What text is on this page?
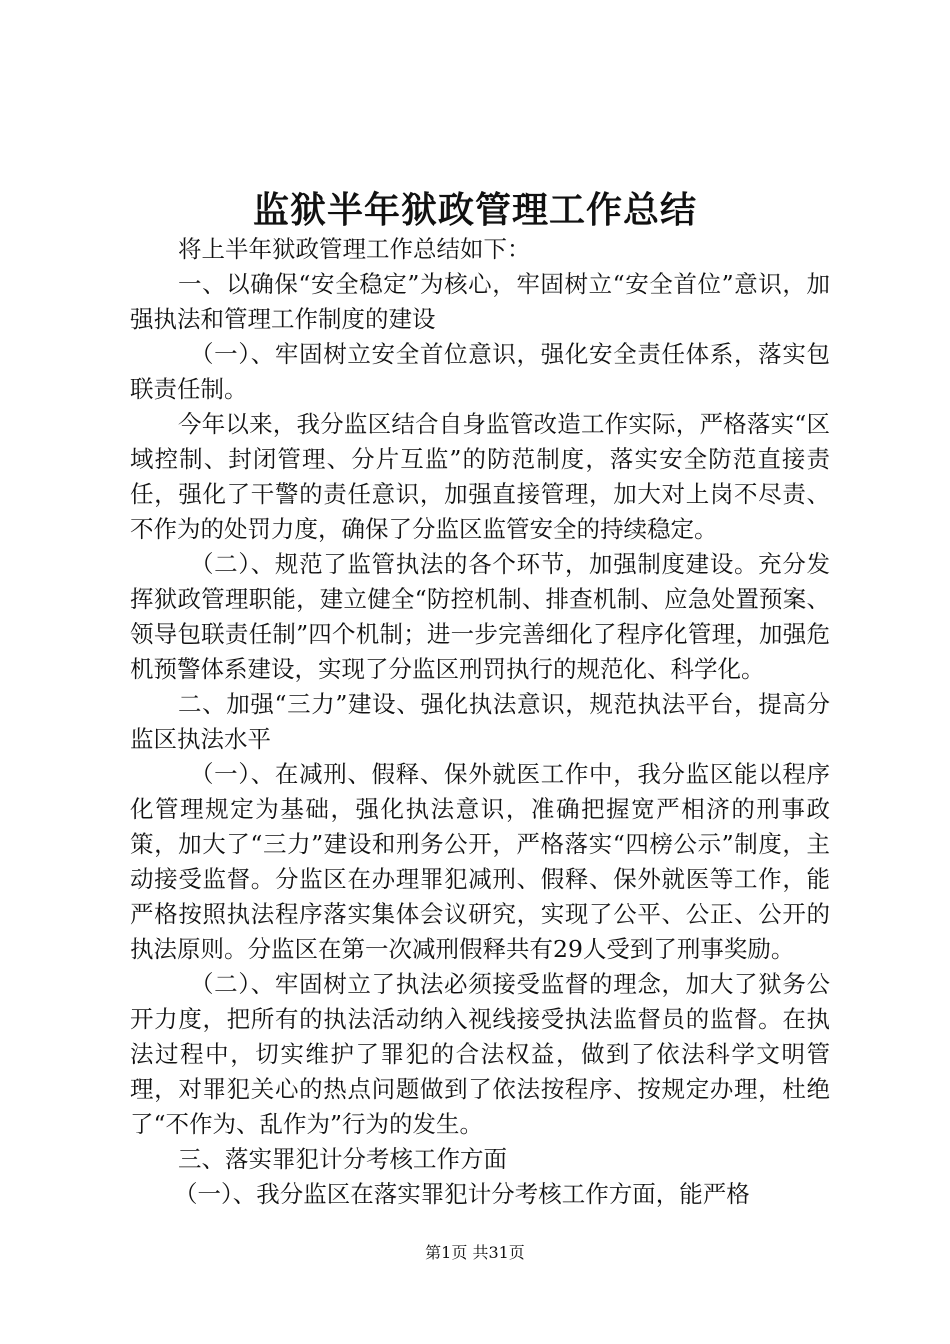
监狱半年狱政管理工作总结

将上半年狱政管理工作总结如下：

一、以确保“安全稳定”为核心，牢固树立“安全首位”意识，加强执法和管理工作制度的建设

（一）、牢固树立安全首位意识，强化安全责任体系，落实包联责任制。

今年以来，我分监区结合自身监管改造工作实际，严格落实“区域控制、封闭管理、分片互监”的防范制度，落实安全防范直接责任，强化了干警的责任意识，加强直接管理，加大对上岗不尽责、不作为的处罚力度，确保了分监区监管安全的持续稳定。

（二）、规范了监管执法的各个环节，加强制度建设。充分发挥狱政管理职能，建立健全“防控机制、排查机制、应急处置预案、领导包联责任制”四个机制；进一步完善细化了程序化管理，加强危机预警体系建设，实现了分监区刑罚执行的规范化、科学化。

二、加强“三力”建设、强化执法意识，规范执法平台，提高分监区执法水平

（一）、在减刑、假释、保外就医工作中，我分监区能以程序化管理规定为基础，强化执法意识，准确把握宽严相济的刑事政策，加大了“三力”建设和刑务公开，严格落实“四榜公示”制度，主动接受监督。分监区在办理罪犯减刑、假释、保外就医等工作，能严格按照执法程序落实集体会议研究，实现了公平、公正、公开的执法原则。分监区在第一次减刑假释共有29人受到了刑事奖励。

（二）、牢固树立了执法必须接受监督的理念，加大了狱务公开力度，把所有的执法活动纳入视线接受执法监督员的监督。在执法过程中，切实维护了罪犯的合法权益，做到了依法科学文明管理，对罪犯关心的热点问题做到了依法按程序、按规定办理，杜绝了“不作为、乱作为”行为的发生。

三、落实罪犯计分考核工作方面

（一）、我分监区在落实罪犯计分考核工作方面，能严格

第1页 共31页
